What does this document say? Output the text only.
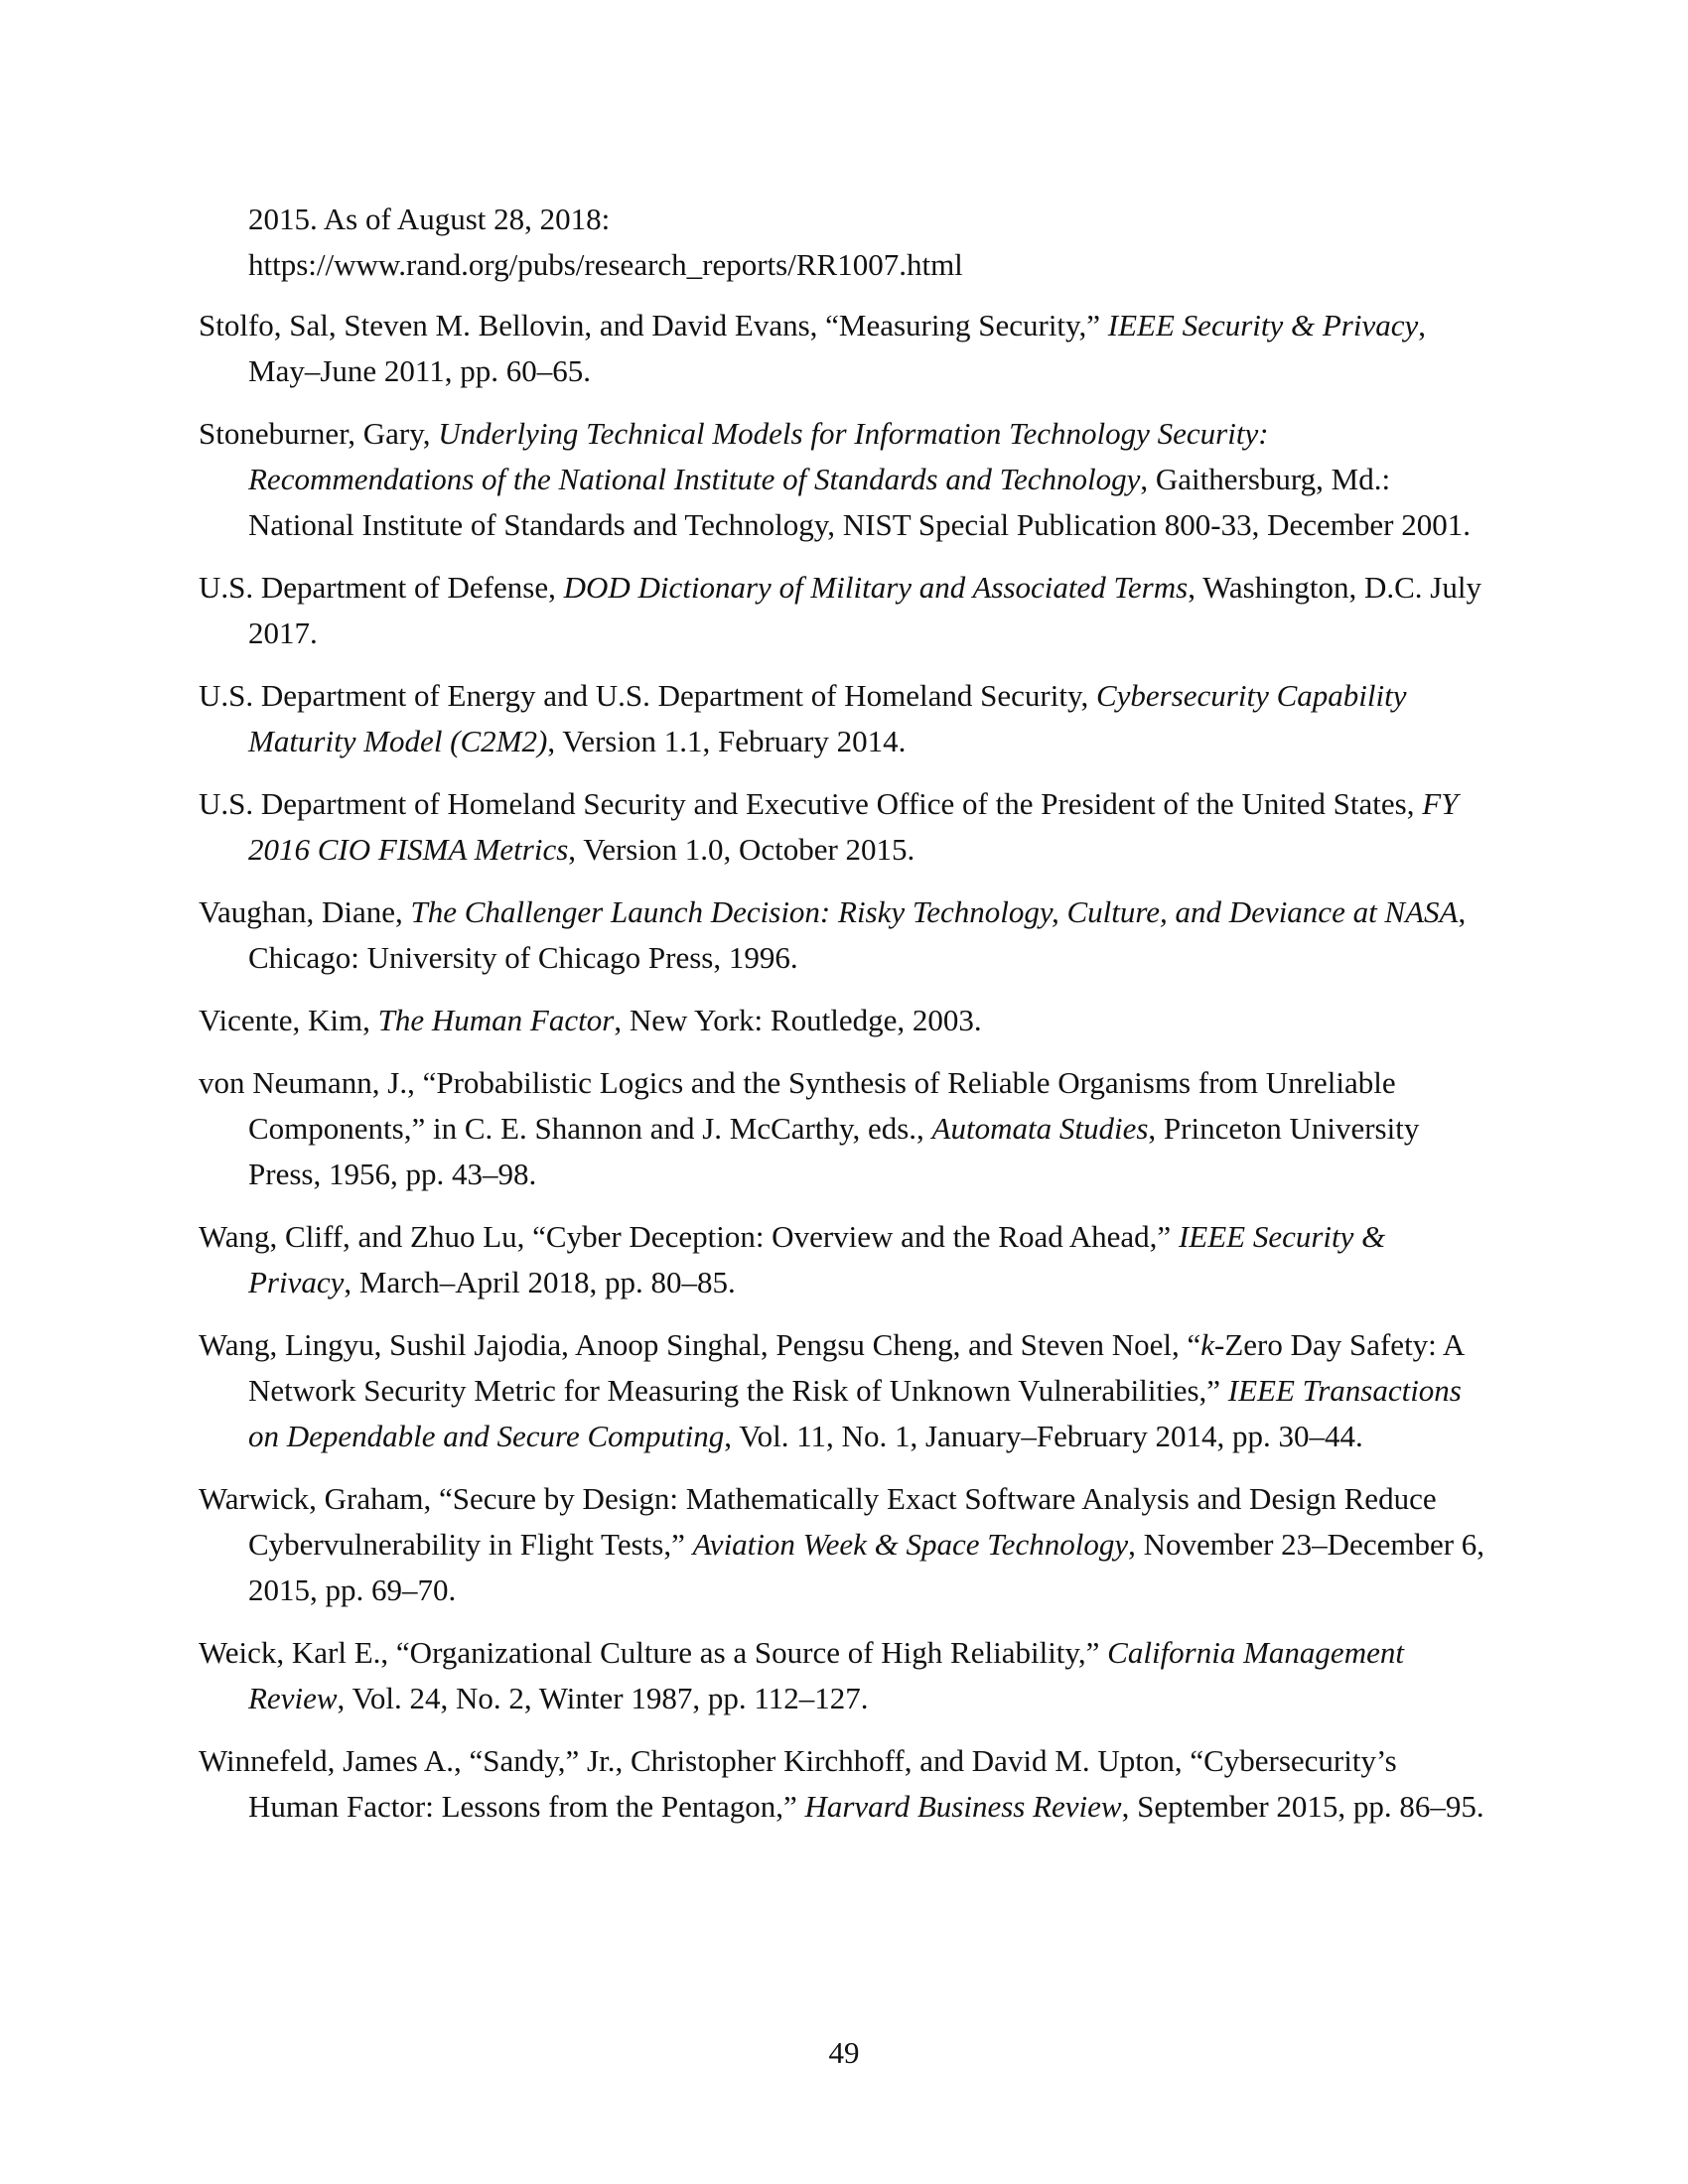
2015. As of August 28, 2018:
https://www.rand.org/pubs/research_reports/RR1007.html
Stolfo, Sal, Steven M. Bellovin, and David Evans, “Measuring Security,” IEEE Security & Privacy, May–June 2011, pp. 60–65.
Stoneburner, Gary, Underlying Technical Models for Information Technology Security: Recommendations of the National Institute of Standards and Technology, Gaithersburg, Md.: National Institute of Standards and Technology, NIST Special Publication 800-33, December 2001.
U.S. Department of Defense, DOD Dictionary of Military and Associated Terms, Washington, D.C. July 2017.
U.S. Department of Energy and U.S. Department of Homeland Security, Cybersecurity Capability Maturity Model (C2M2), Version 1.1, February 2014.
U.S. Department of Homeland Security and Executive Office of the President of the United States, FY 2016 CIO FISMA Metrics, Version 1.0, October 2015.
Vaughan, Diane, The Challenger Launch Decision: Risky Technology, Culture, and Deviance at NASA, Chicago: University of Chicago Press, 1996.
Vicente, Kim, The Human Factor, New York: Routledge, 2003.
von Neumann, J., “Probabilistic Logics and the Synthesis of Reliable Organisms from Unreliable Components,” in C. E. Shannon and J. McCarthy, eds., Automata Studies, Princeton University Press, 1956, pp. 43–98.
Wang, Cliff, and Zhuo Lu, “Cyber Deception: Overview and the Road Ahead,” IEEE Security & Privacy, March–April 2018, pp. 80–85.
Wang, Lingyu, Sushil Jajodia, Anoop Singhal, Pengsu Cheng, and Steven Noel, “k-Zero Day Safety: A Network Security Metric for Measuring the Risk of Unknown Vulnerabilities,” IEEE Transactions on Dependable and Secure Computing, Vol. 11, No. 1, January–February 2014, pp. 30–44.
Warwick, Graham, “Secure by Design: Mathematically Exact Software Analysis and Design Reduce Cybervulnerability in Flight Tests,” Aviation Week & Space Technology, November 23–December 6, 2015, pp. 69–70.
Weick, Karl E., “Organizational Culture as a Source of High Reliability,” California Management Review, Vol. 24, No. 2, Winter 1987, pp. 112–127.
Winnefeld, James A., “Sandy,” Jr., Christopher Kirchhoff, and David M. Upton, “Cybersecurity’s Human Factor: Lessons from the Pentagon,” Harvard Business Review, September 2015, pp. 86–95.
49
